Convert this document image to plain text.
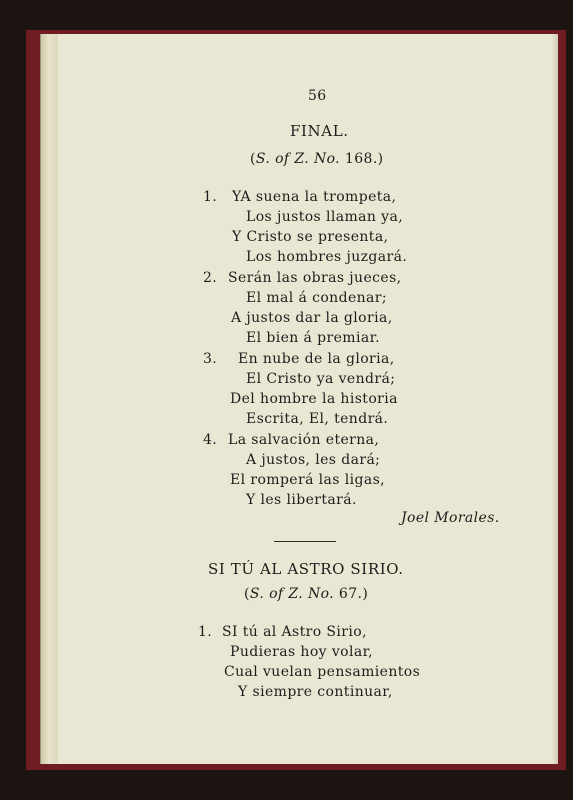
56
FINAL.
(S. of Z. No. 168.)
1. YA suena la trompeta,
Los justos llaman ya,
Y Cristo se presenta,
Los hombres juzgará.
2. Serán las obras jueces,
El mal á condenar;
A justos dar la gloria,
El bien á premiar.
3. En nube de la gloria,
El Cristo ya vendrá;
Del hombre la historia
Escrita, El, tendrá.
4. La salvación eterna,
A justos, les dará;
El romperá las ligas,
Y les libertará.
Joel Morales.
SI TÚ AL ASTRO SIRIO.
(S. of Z. No. 67.)
1. SI tú al Astro Sirio,
Pudieras hoy volar,
Cual vuelan pensamientos
Y siempre continuar,
